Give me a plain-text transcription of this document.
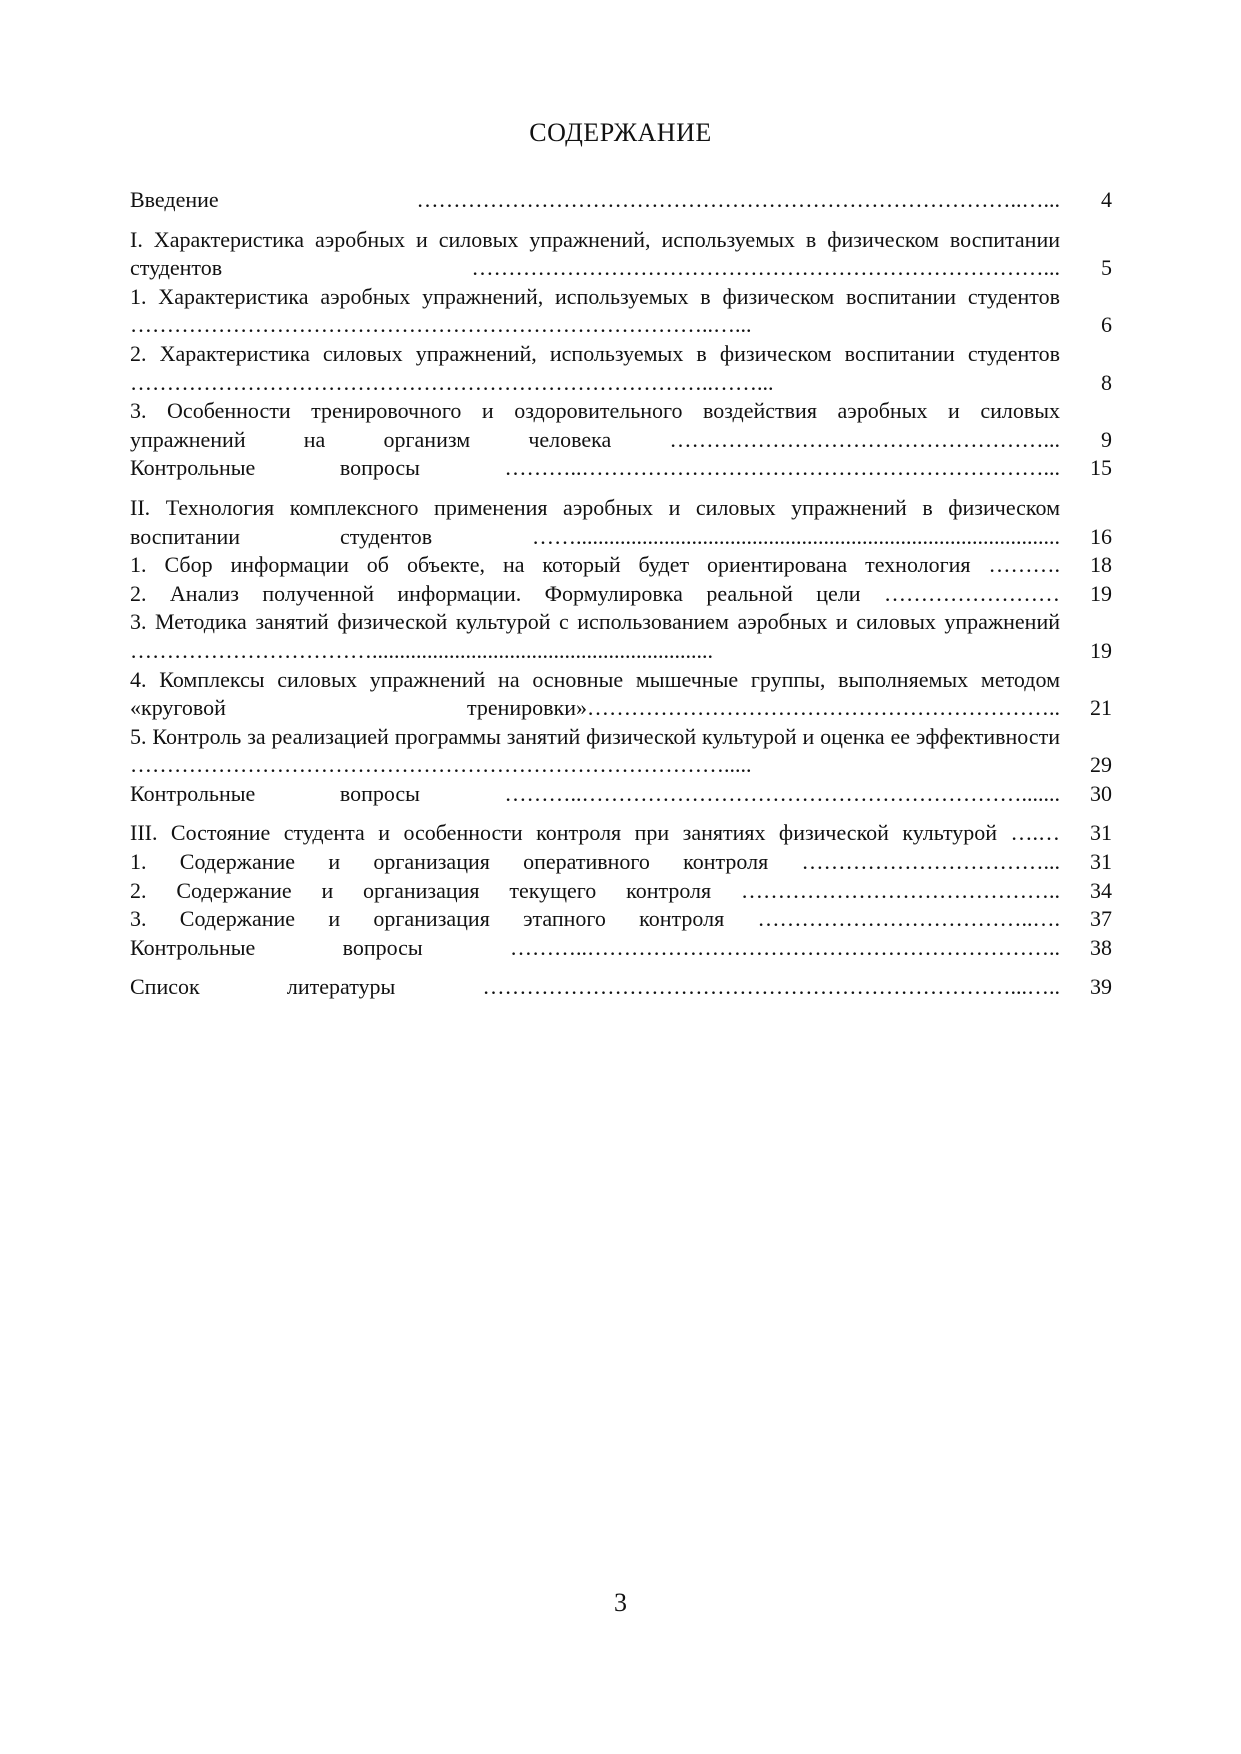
СОДЕРЖАНИЕ
Введение ………………………………………………………………………..…...	4
I. Характеристика аэробных и силовых упражнений, используемых в физическом воспитании студентов ……………………………………………………………………...	5
1. Характеристика аэробных упражнений, используемых в физическом воспитании студентов ……………………………………………………………………..…...	6
2. Характеристика силовых упражнений, используемых в физическом воспитании студентов ……………………………………………………………………..……...	8
3. Особенности тренировочного и оздоровительного воздействия аэробных и силовых упражнений на организм человека ……………………………………………...	9
Контрольные вопросы ………..………………………………………………………...	15
II. Технология комплексного применения аэробных и силовых упражнений в физическом воспитании студентов ……........................................................................................	16
1. Сбор информации об объекте, на который будет ориентирована технология ……….	18
2. Анализ полученной информации. Формулировка реальной цели ……………………	19
3. Методика занятий физической культурой с использованием аэробных и силовых упражнений ……………………………..............................................................	19
4. Комплексы силовых упражнений на основные мышечные группы, выполняемых методом «круговой тренировки»………………………………………………………..	21
5. Контроль за реализацией программы занятий физической культурой и оценка ее эффективности ……………………………………………………………………….....	29
Контрольные вопросы ………..…………………………………………………….......	30
III. Состояние студента и особенности контроля при занятиях физической культурой ….…	31
1. Содержание и организация оперативного контроля ……………………………...	31
2. Содержание и организация текущего контроля ……………………………………..	34
3. Содержание и организация этапного контроля ………………………………..….	37
Контрольные вопросы ………..………………………………………………………..	38
Список литературы ………………………………………………………………...…..	39
3
